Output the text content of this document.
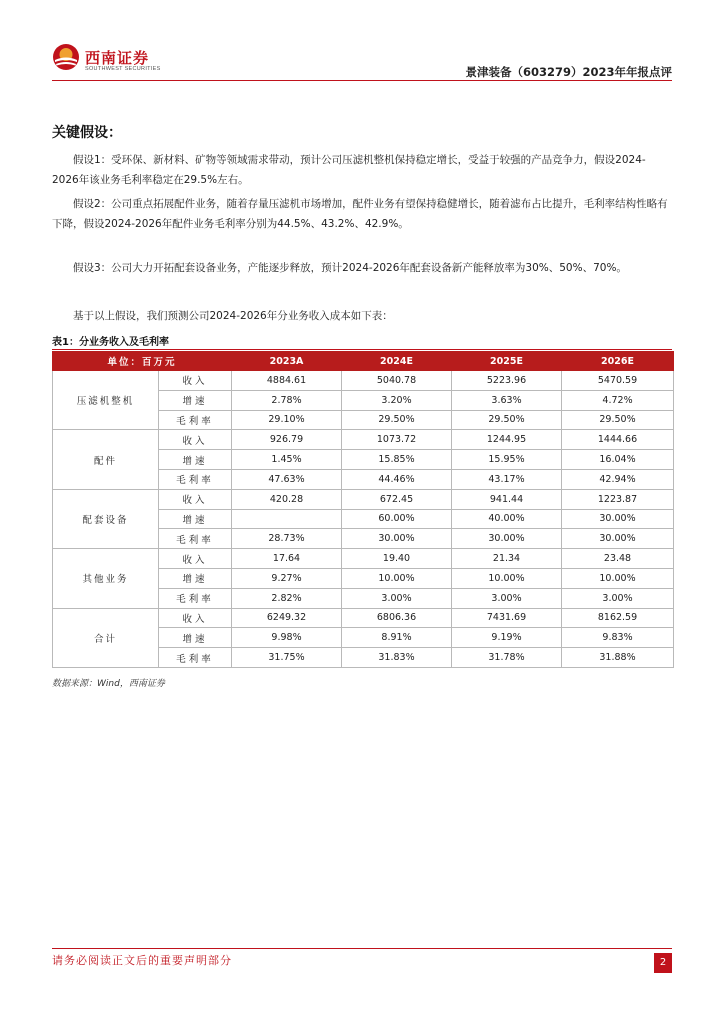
西南证券
SOUTHWEST SECURITIES	景津装备（603279）2023年年报点评
关键假设：

假设1：受环保、新材料、矿物等领域需求带动，预计公司压滤机整机保持稳定增长，受益于较强的产品竞争力，假设2024-2026年该业务毛利率稳定在29.5%左右。

假设2：公司重点拓展配件业务，随着存量压滤机市场增加，配件业务有望保持稳健增长，随着滤布占比提升，毛利率结构性略有下降，假设2024-2026年配件业务毛利率分别为44.5%、43.2%、42.9%。

假设3：公司大力开拓配套设备业务，产能逐步释放，预计2024-2026年配套设备新产能释放率为30%、50%、70%。

基于以上假设，我们预测公司2024-2026年分业务收入成本如下表：

表1：分业务收入及毛利率
单位：百万元		2023A	2024E	2025E	2026E
压滤机整机	收入	4884.61	5040.78	5223.96	5470.59
	增速	2.78%	3.20%	3.63%	4.72%
	毛利率	29.10%	29.50%	29.50%	29.50%
配件	收入	926.79	1073.72	1244.95	1444.66
	增速	1.45%	15.85%	15.95%	16.04%
	毛利率	47.63%	44.46%	43.17%	42.94%
配套设备	收入	420.28	672.45	941.44	1223.87
	增速		60.00%	40.00%	30.00%
	毛利率	28.73%	30.00%	30.00%	30.00%
其他业务	收入	17.64	19.40	21.34	23.48
	增速	9.27%	10.00%	10.00%	10.00%
	毛利率	2.82%	3.00%	3.00%	3.00%
合计	收入	6249.32	6806.36	7431.69	8162.59
	增速	9.98%	8.91%	9.19%	9.83%
	毛利率	31.75%	31.83%	31.78%	31.88%
数据来源：Wind，西南证券
请务必阅读正文后的重要声明部分	2
